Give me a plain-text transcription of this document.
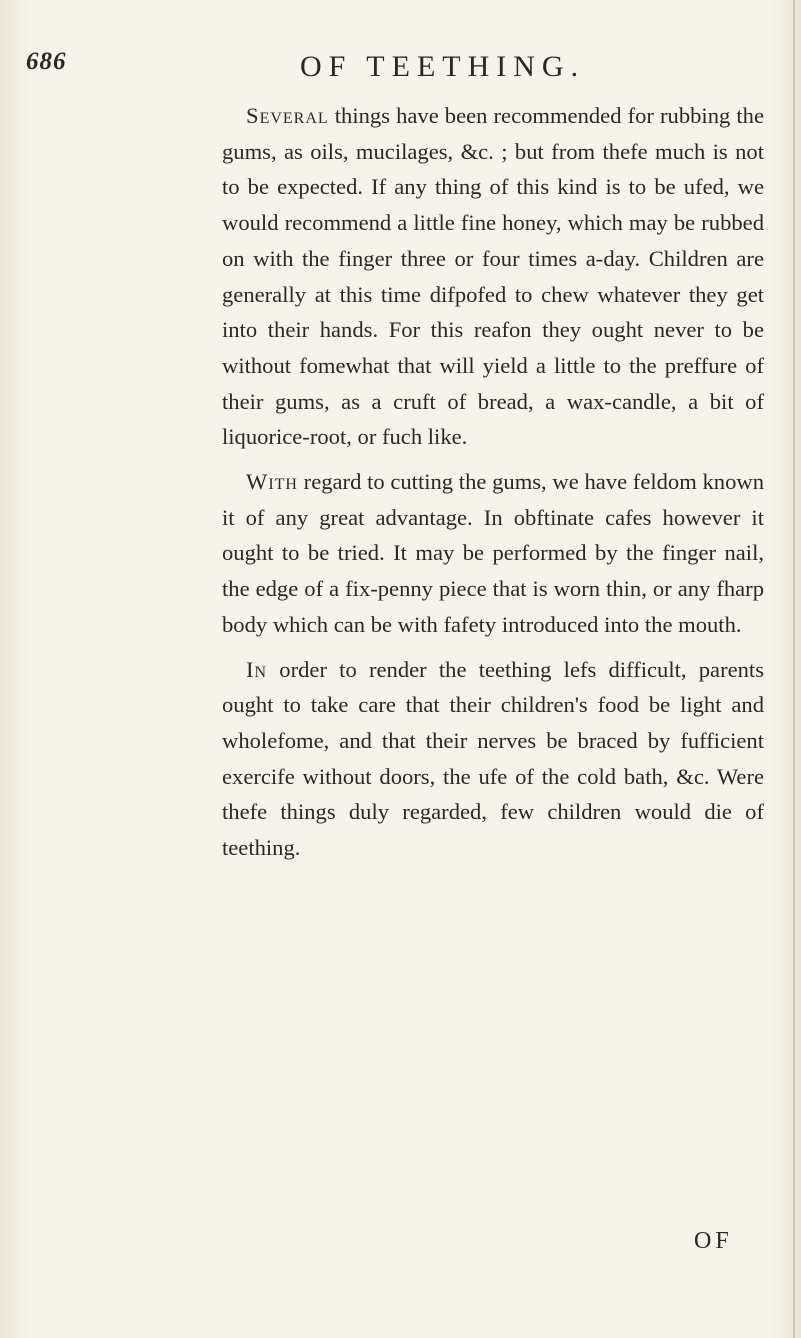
686	OF TEETHING.

Several things have been recommended for rubbing the gums, as oils, mucilages, &c. ; but from thefe much is not to be expected. If any thing of this kind is to be ufed, we would recommend a little fine honey, which may be rubbed on with the finger three or four times a-day. Children are generally at this time difpofed to chew whatever they get into their hands. For this reafon they ought never to be without fomewhat that will yield a little to the preffure of their gums, as a cruft of bread, a wax-candle, a bit of liquorice-root, or fuch like.

With regard to cutting the gums, we have feldom known it of any great advantage. In obftinate cafes however it ought to be tried. It may be performed by the finger nail, the edge of a fix-penny piece that is worn thin, or any fharp body which can be with fafety introduced into the mouth.

In order to render the teething lefs difficult, parents ought to take care that their children's food be light and wholefome, and that their nerves be braced by fufficient exercife without doors, the ufe of the cold bath, &c. Were thefe things duly regarded, few children would die of teething.

OF
